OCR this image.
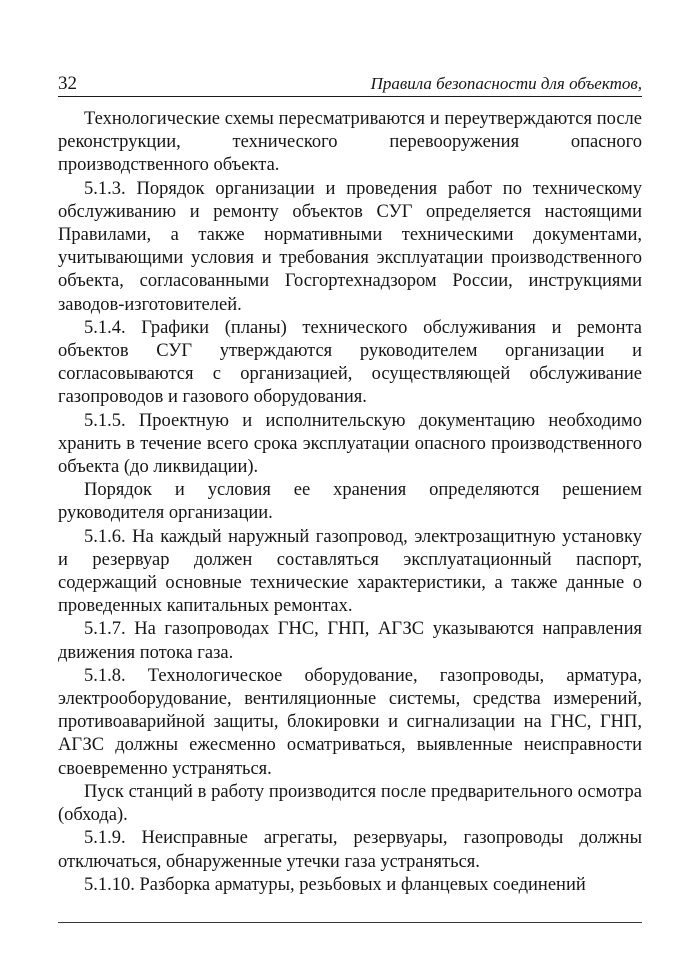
32	Правила безопасности для объектов,

Технологические схемы пересматриваются и переутверждаются после реконструкции, технического перевооружения опасного производственного объекта.

5.1.3. Порядок организации и проведения работ по техническому обслуживанию и ремонту объектов СУГ определяется настоящими Правилами, а также нормативными техническими документами, учитывающими условия и требования эксплуатации производственного объекта, согласованными Госгортехнадзором России, инструкциями заводов-изготовителей.

5.1.4. Графики (планы) технического обслуживания и ремонта объектов СУГ утверждаются руководителем организации и согласовываются с организацией, осуществляющей обслуживание газопроводов и газового оборудования.

5.1.5. Проектную и исполнительскую документацию необходимо хранить в течение всего срока эксплуатации опасного производственного объекта (до ликвидации).

Порядок и условия ее хранения определяются решением руководителя организации.

5.1.6. На каждый наружный газопровод, электрозащитную установку и резервуар должен составляться эксплуатационный паспорт, содержащий основные технические характеристики, а также данные о проведенных капитальных ремонтах.

5.1.7. На газопроводах ГНС, ГНП, АГЗС указываются направления движения потока газа.

5.1.8. Технологическое оборудование, газопроводы, арматура, электрооборудование, вентиляционные системы, средства измерений, противоаварийной защиты, блокировки и сигнализации на ГНС, ГНП, АГЗС должны ежесменно осматриваться, выявленные неисправности своевременно устраняться.

Пуск станций в работу производится после предварительного осмотра (обхода).

5.1.9. Неисправные агрегаты, резервуары, газопроводы должны отключаться, обнаруженные утечки газа устраняться.

5.1.10. Разборка арматуры, резьбовых и фланцевых соединений
